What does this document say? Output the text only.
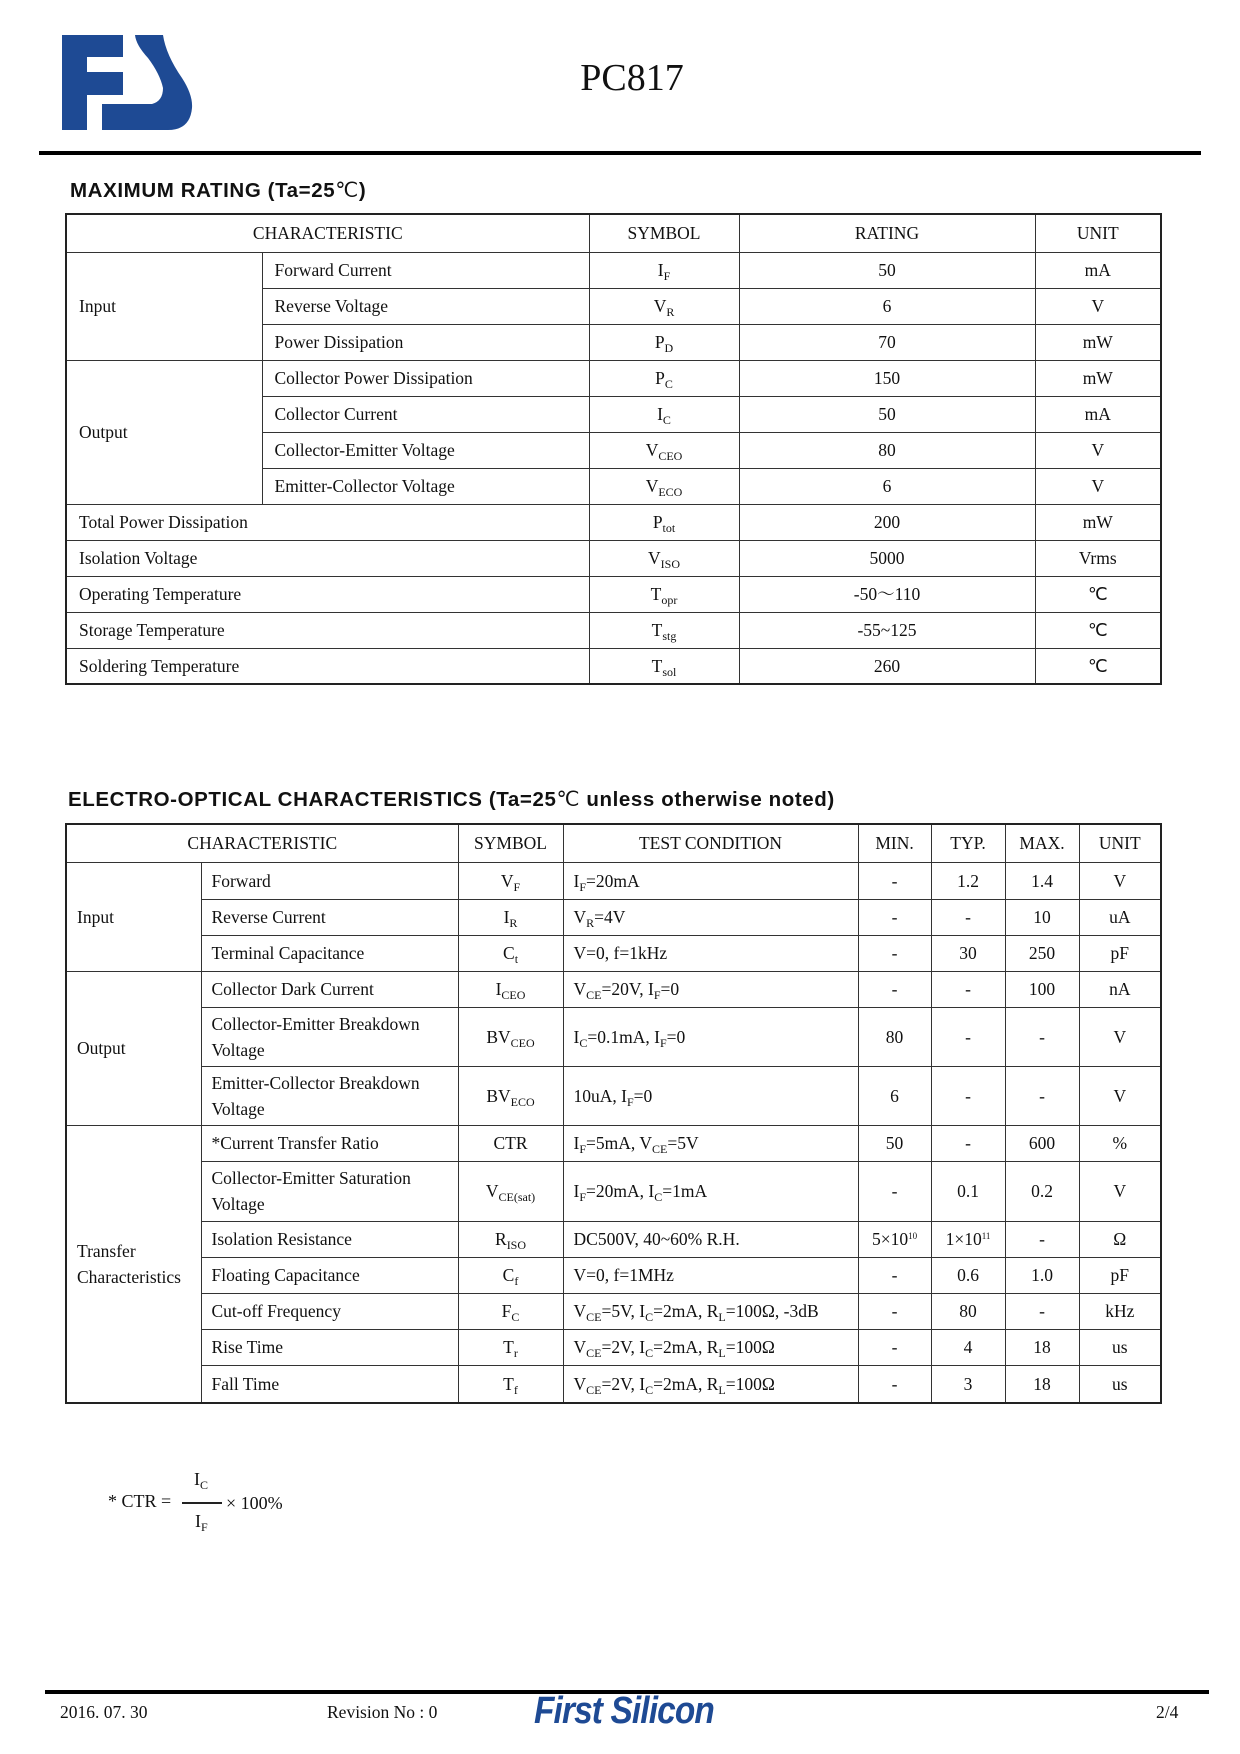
PC817
MAXIMUM RATING (Ta=25℃)
CHARACTERISTIC		SYMBOL	RATING	UNIT
Input	Forward Current	$I_F$	50	mA
	Reverse Voltage	$V_R$	6	V
	Power Dissipation	$P_D$	70	mW
Output	Collector Power Dissipation	$P_C$	150	mW
	Collector Current	$I_C$	50	mA
	Collector-Emitter Voltage	$V_{CEO}$	80	V
	Emitter-Collector Voltage	$V_{ECO}$	6	V
Total Power Dissipation		$P_{tot}$	200	mW
Isolation Voltage		$V_{ISO}$	5000	Vrms
Operating Temperature		$T_{opr}$	-50～110	℃
Storage Temperature		$T_{stg}$	-55~125	℃
Soldering Temperature		$T_{sol}$	260	℃
ELECTRO-OPTICAL CHARACTERISTICS (Ta=25℃ unless otherwise noted)
CHARACTERISTIC		SYMBOL	TEST CONDITION	MIN.	TYP.	MAX.	UNIT
Input	Forward	$V_F$	$I_F=20mA$	-	1.2	1.4	V
	Reverse Current	$I_R$	$V_R=4V$	-	-	10	uA
	Terminal Capacitance	$C_t$	V=0, f=1kHz	-	30	250	pF
Output	Collector Dark Current	$I_{CEO}$	$V_{CE}=20V$, $I_F=0$	-	-	100	nA
	Collector-Emitter Breakdown Voltage	$BV_{CEO}$	$I_C=0.1mA$, $I_F=0$	80	-	-	V
	Emitter-Collector Breakdown Voltage	$BV_{ECO}$	10uA, $I_F=0$	6	-	-	V
Transfer Characteristics	*Current Transfer Ratio	CTR	$I_F=5mA$, $V_{CE}=5V$	50	-	600	%
	Collector-Emitter Saturation Voltage	$V_{CE(sat)}$	$I_F=20mA$, $I_C=1mA$	-	0.1	0.2	V
	Isolation Resistance	$R_{ISO}$	DC500V, 40~60% R.H.	$5\times 10^{10}$	$1\times 10^{11}$	-	Ω
	Floating Capacitance	$C_f$	V=0, f=1MHz	-	0.6	1.0	pF
	Cut-off Frequency	$F_C$	$V_{CE}=5V$, $I_C=2mA$, $R_L=100\Omega$, -3dB	-	80	-	kHz
	Rise Time	$T_r$	$V_{CE}=2V$, $I_C=2mA$, $R_L=100\Omega$	-	4	18	us
	Fall Time	$T_f$	$V_{CE}=2V$, $I_C=2mA$, $R_L=100\Omega$	-	3	18	us
* CTR =
$I_C$
$I_F$
× 100%
2016. 07. 30	Revision No : 0	2/4
First Silicon
